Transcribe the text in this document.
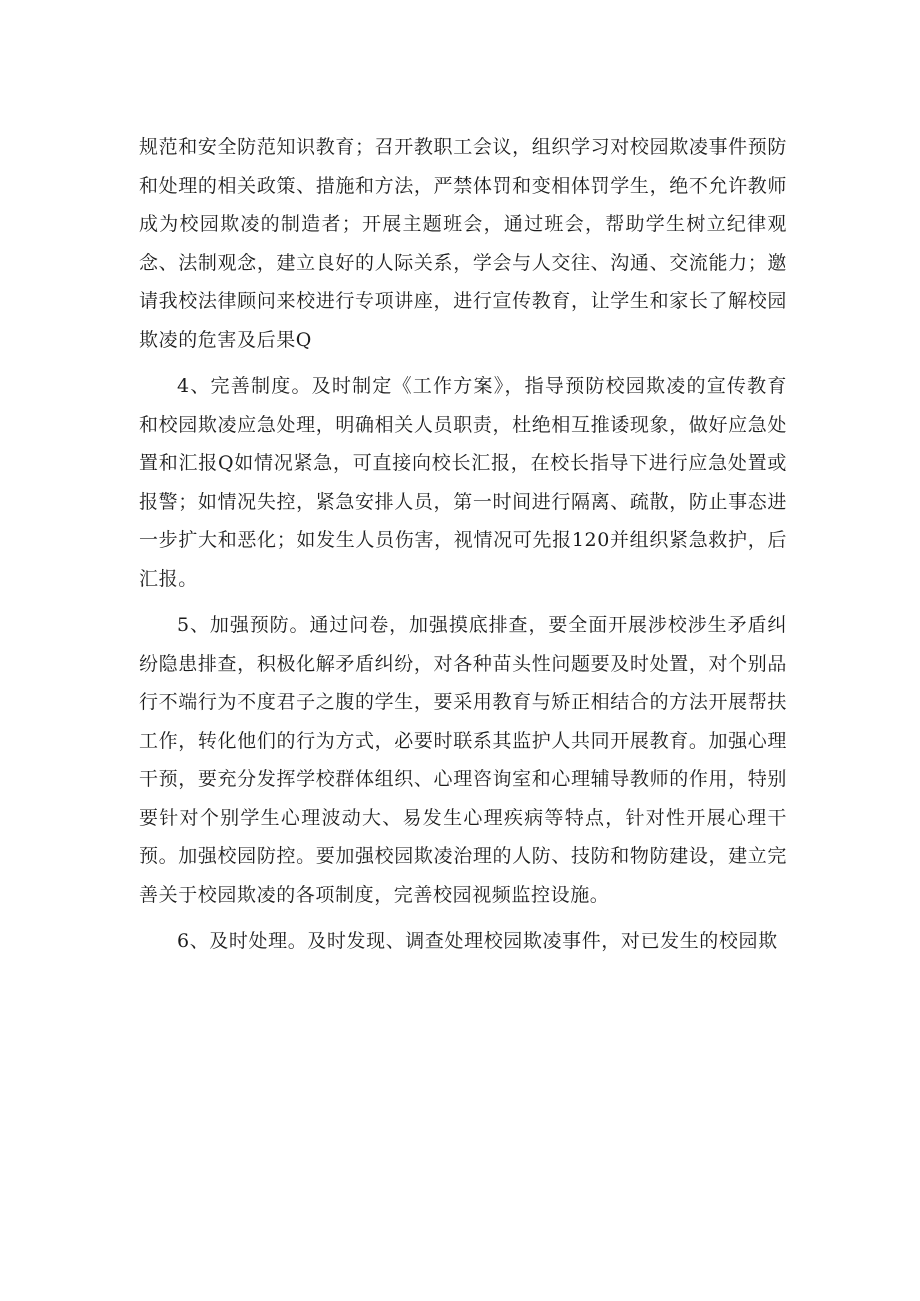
规范和安全防范知识教育；召开教职工会议，组织学习对校园欺凌事件预防和处理的相关政策、措施和方法，严禁体罚和变相体罚学生，绝不允许教师成为校园欺凌的制造者；开展主题班会，通过班会，帮助学生树立纪律观念、法制观念，建立良好的人际关系，学会与人交往、沟通、交流能力；邀请我校法律顾问来校进行专项讲座，进行宣传教育，让学生和家长了解校园欺凌的危害及后果Q

4、完善制度。及时制定《工作方案》，指导预防校园欺凌的宣传教育和校园欺凌应急处理，明确相关人员职责，杜绝相互推诿现象，做好应急处置和汇报Q如情况紧急，可直接向校长汇报，在校长指导下进行应急处置或报警；如情况失控，紧急安排人员，第一时间进行隔离、疏散，防止事态进一步扩大和恶化；如发生人员伤害，视情况可先报120并组织紧急救护，后汇报。

5、加强预防。通过问卷，加强摸底排查，要全面开展涉校涉生矛盾纠纷隐患排查，积极化解矛盾纠纷，对各种苗头性问题要及时处置，对个别品行不端行为不度君子之腹的学生，要采用教育与矫正相结合的方法开展帮扶工作，转化他们的行为方式，必要时联系其监护人共同开展教育。加强心理干预，要充分发挥学校群体组织、心理咨询室和心理辅导教师的作用，特别要针对个别学生心理波动大、易发生心理疾病等特点，针对性开展心理干预。加强校园防控。要加强校园欺凌治理的人防、技防和物防建设，建立完善关于校园欺凌的各项制度，完善校园视频监控设施。

6、及时处理。及时发现、调查处理校园欺凌事件，对已发生的校园欺
